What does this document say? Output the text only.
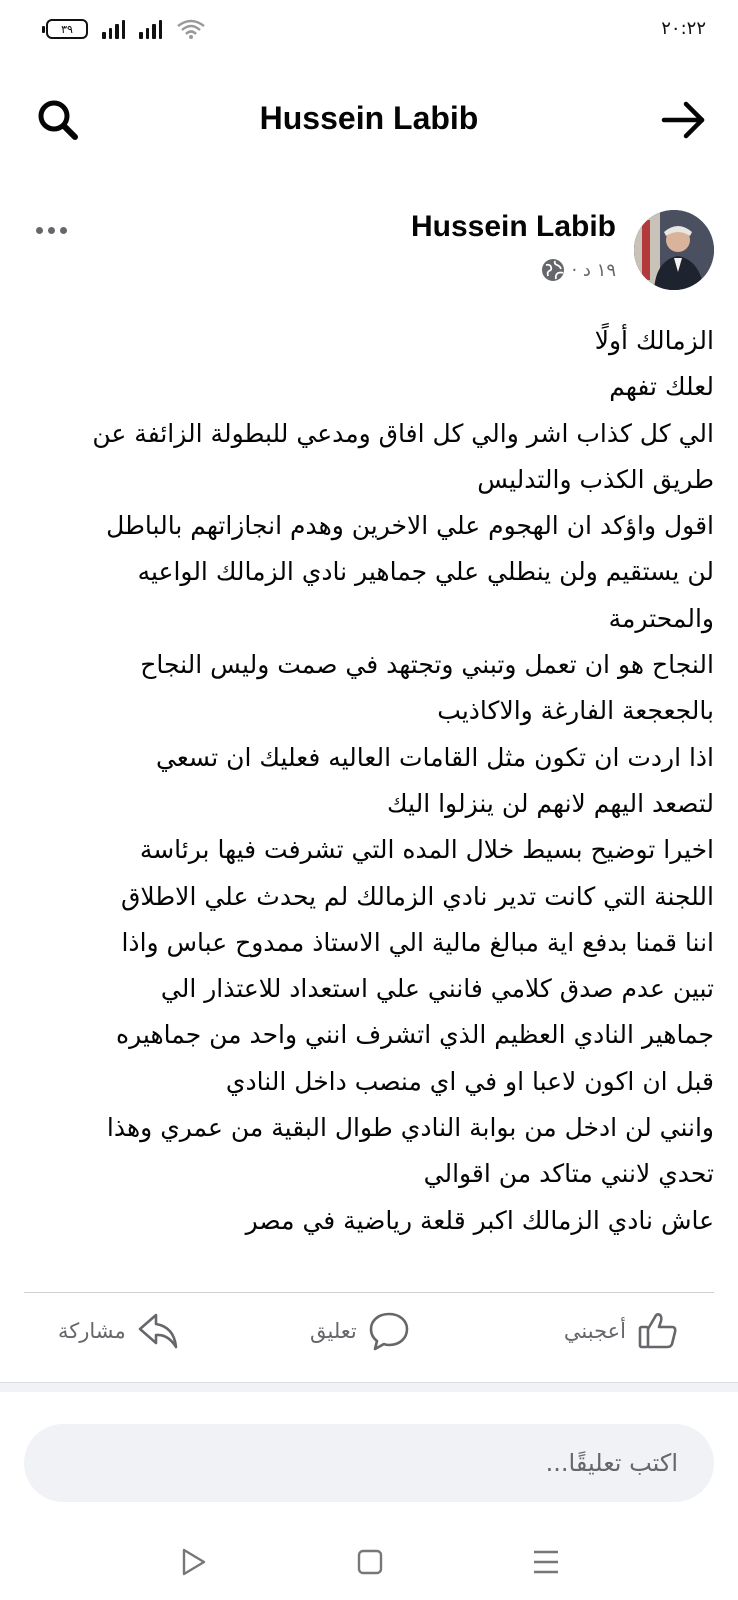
٣٩	٢٠:٢٢
Hussein Labib
Hussein Labib
١٩ د ·
الزمالك أولًا
لعلك تفهم
الي كل كذاب اشر والي كل افاق ومدعي للبطولة الزائفة عن
طريق الكذب والتدليس
اقول واؤكد ان الهجوم علي الاخرين وهدم انجازاتهم بالباطل
لن يستقيم ولن ينطلي علي جماهير نادي الزمالك الواعيه
والمحترمة
النجاح هو ان تعمل وتبني وتجتهد في صمت وليس النجاح
بالجعجعة الفارغة والاكاذيب
اذا اردت ان تكون مثل القامات العاليه فعليك ان تسعي
لتصعد اليهم لانهم لن ينزلوا اليك
اخيرا توضيح بسيط خلال المده التي تشرفت فيها برئاسة
اللجنة التي كانت تدير نادي الزمالك لم يحدث علي الاطلاق
اننا قمنا بدفع اية مبالغ مالية الي الاستاذ ممدوح عباس واذا
تبين عدم صدق كلامي فانني علي استعداد للاعتذار الي
جماهير النادي العظيم الذي اتشرف انني واحد من جماهيره
قبل ان اكون لاعبا او في اي منصب داخل النادي
وانني لن ادخل من بوابة النادي طوال البقية من عمري وهذا
تحدي لانني متاكد من اقوالي
عاش نادي الزمالك اكبر قلعة رياضية في مصر
أعجبني
تعليق
مشاركة
اكتب تعليقًا...
